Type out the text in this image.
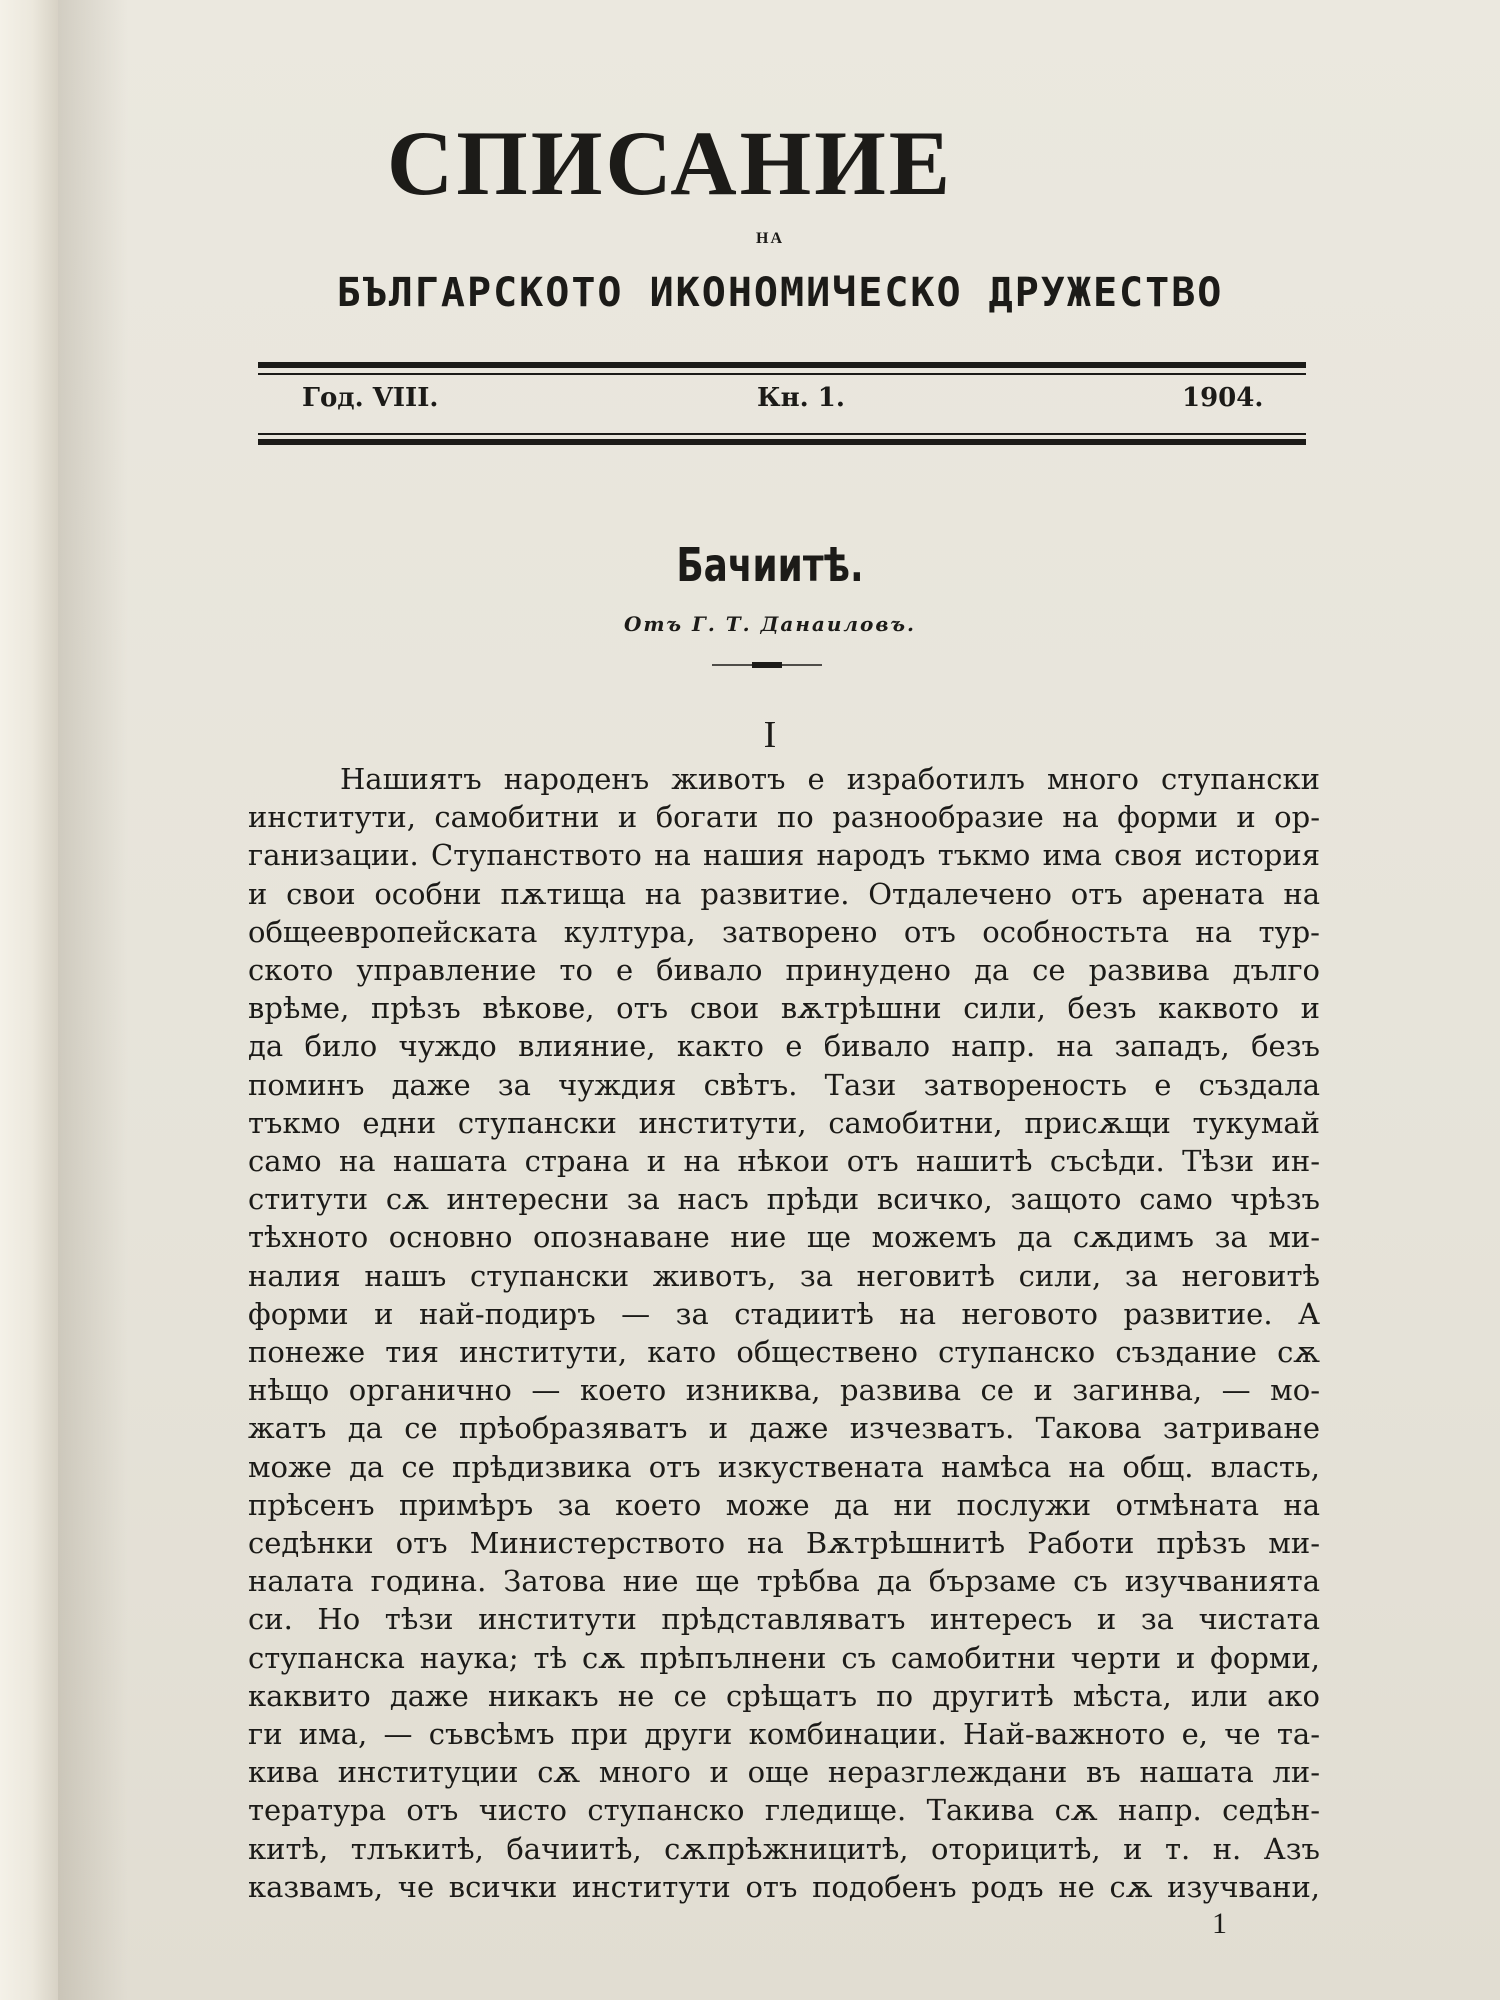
СПИСАНИЕ
НА
БЪЛГАРСКОТО ИКОНОМИЧЕСКО ДРУЖЕСТВО
Год. VIII.	Кн. 1.	1904.
Бачиитѣ.
Отъ Г. Т. Данаиловъ.
I
Нашиятъ народенъ животъ е изработилъ много ступански
институти, самобитни и богати по разнообразие на форми и ор-
ганизации. Ступанството на нашия народъ тъкмо има своя история
и свои особни пѫтища на развитие. Отдалечено отъ арената на
общеевропейската култура, затворено отъ особностьта на тур-
ското управление то е бивало принудено да се развива дълго
врѣме, прѣзъ вѣкове, отъ свои вѫтрѣшни сили, безъ каквото и
да било чуждо влияние, както е бивало напр. на западъ, безъ
поминъ даже за чуждия свѣтъ. Тази затвореность е създала
тъкмо едни ступански институти, самобитни, присѫщи тукумай
само на нашата страна и на нѣкои отъ нашитѣ съсѣди. Тѣзи ин-
ститути сѫ интересни за насъ прѣди всичко, защото само чрѣзъ
тѣхното основно опознаване ние ще можемъ да сѫдимъ за ми-
налия нашъ ступански животъ, за неговитѣ сили, за неговитѣ
форми и най-подиръ — за стадиитѣ на неговото развитие. А
понеже тия институти, като обществено ступанско създание сѫ
нѣщо органично — което изниква, развива се и загинва, — мо-
жатъ да се прѣобразяватъ и даже изчезватъ. Такова затриване
може да се прѣдизвика отъ изкуствената намѣса на общ. власть,
прѣсенъ примѣръ за което може да ни послужи отмѣната на
седѣнки отъ Министерството на Вѫтрѣшнитѣ Работи прѣзъ ми-
налата година. Затова ние ще трѣбва да бързаме съ изучванията
си. Но тѣзи институти прѣдставляватъ интересъ и за чистата
ступанска наука; тѣ сѫ прѣпълнени съ самобитни черти и форми,
каквито даже никакъ не се срѣщатъ по другитѣ мѣста, или ако
ги има, — съвсѣмъ при други комбинации. Най-важното е, че та-
кива институции сѫ много и още неразглеждани въ нашата ли-
тература отъ чисто ступанско гледище. Такива сѫ напр. седѣн-
китѣ, тлъкитѣ, бачиитѣ, сѫпрѣжницитѣ, оторицитѣ, и т. н. Азъ
казвамъ, че всички институти отъ подобенъ родъ не сѫ изучвани,
1
